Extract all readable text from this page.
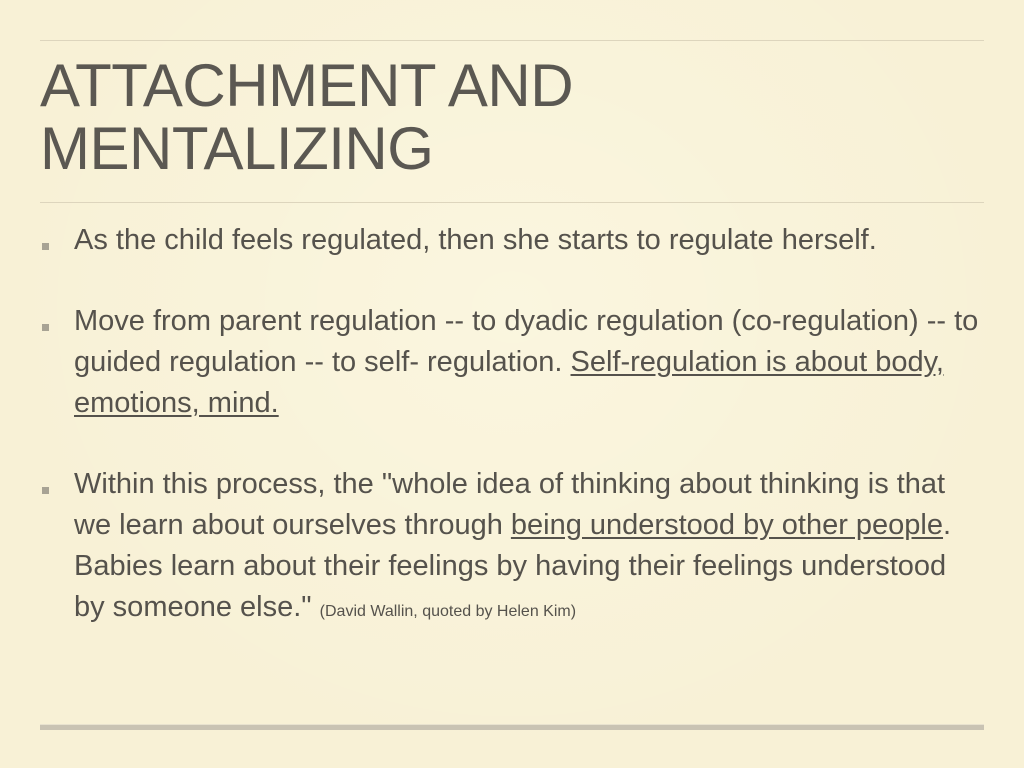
ATTACHMENT AND
MENTALIZING
As the child feels regulated, then she starts to regulate herself.
Move from parent regulation -- to dyadic regulation (co-regulation) -- to guided regulation -- to self- regulation. Self-regulation is about body, emotions, mind.
Within this process, the "whole idea of thinking about thinking is that we learn about ourselves through being understood by other people. Babies learn about their feelings by having their feelings understood by someone else." (David Wallin, quoted by Helen Kim)
